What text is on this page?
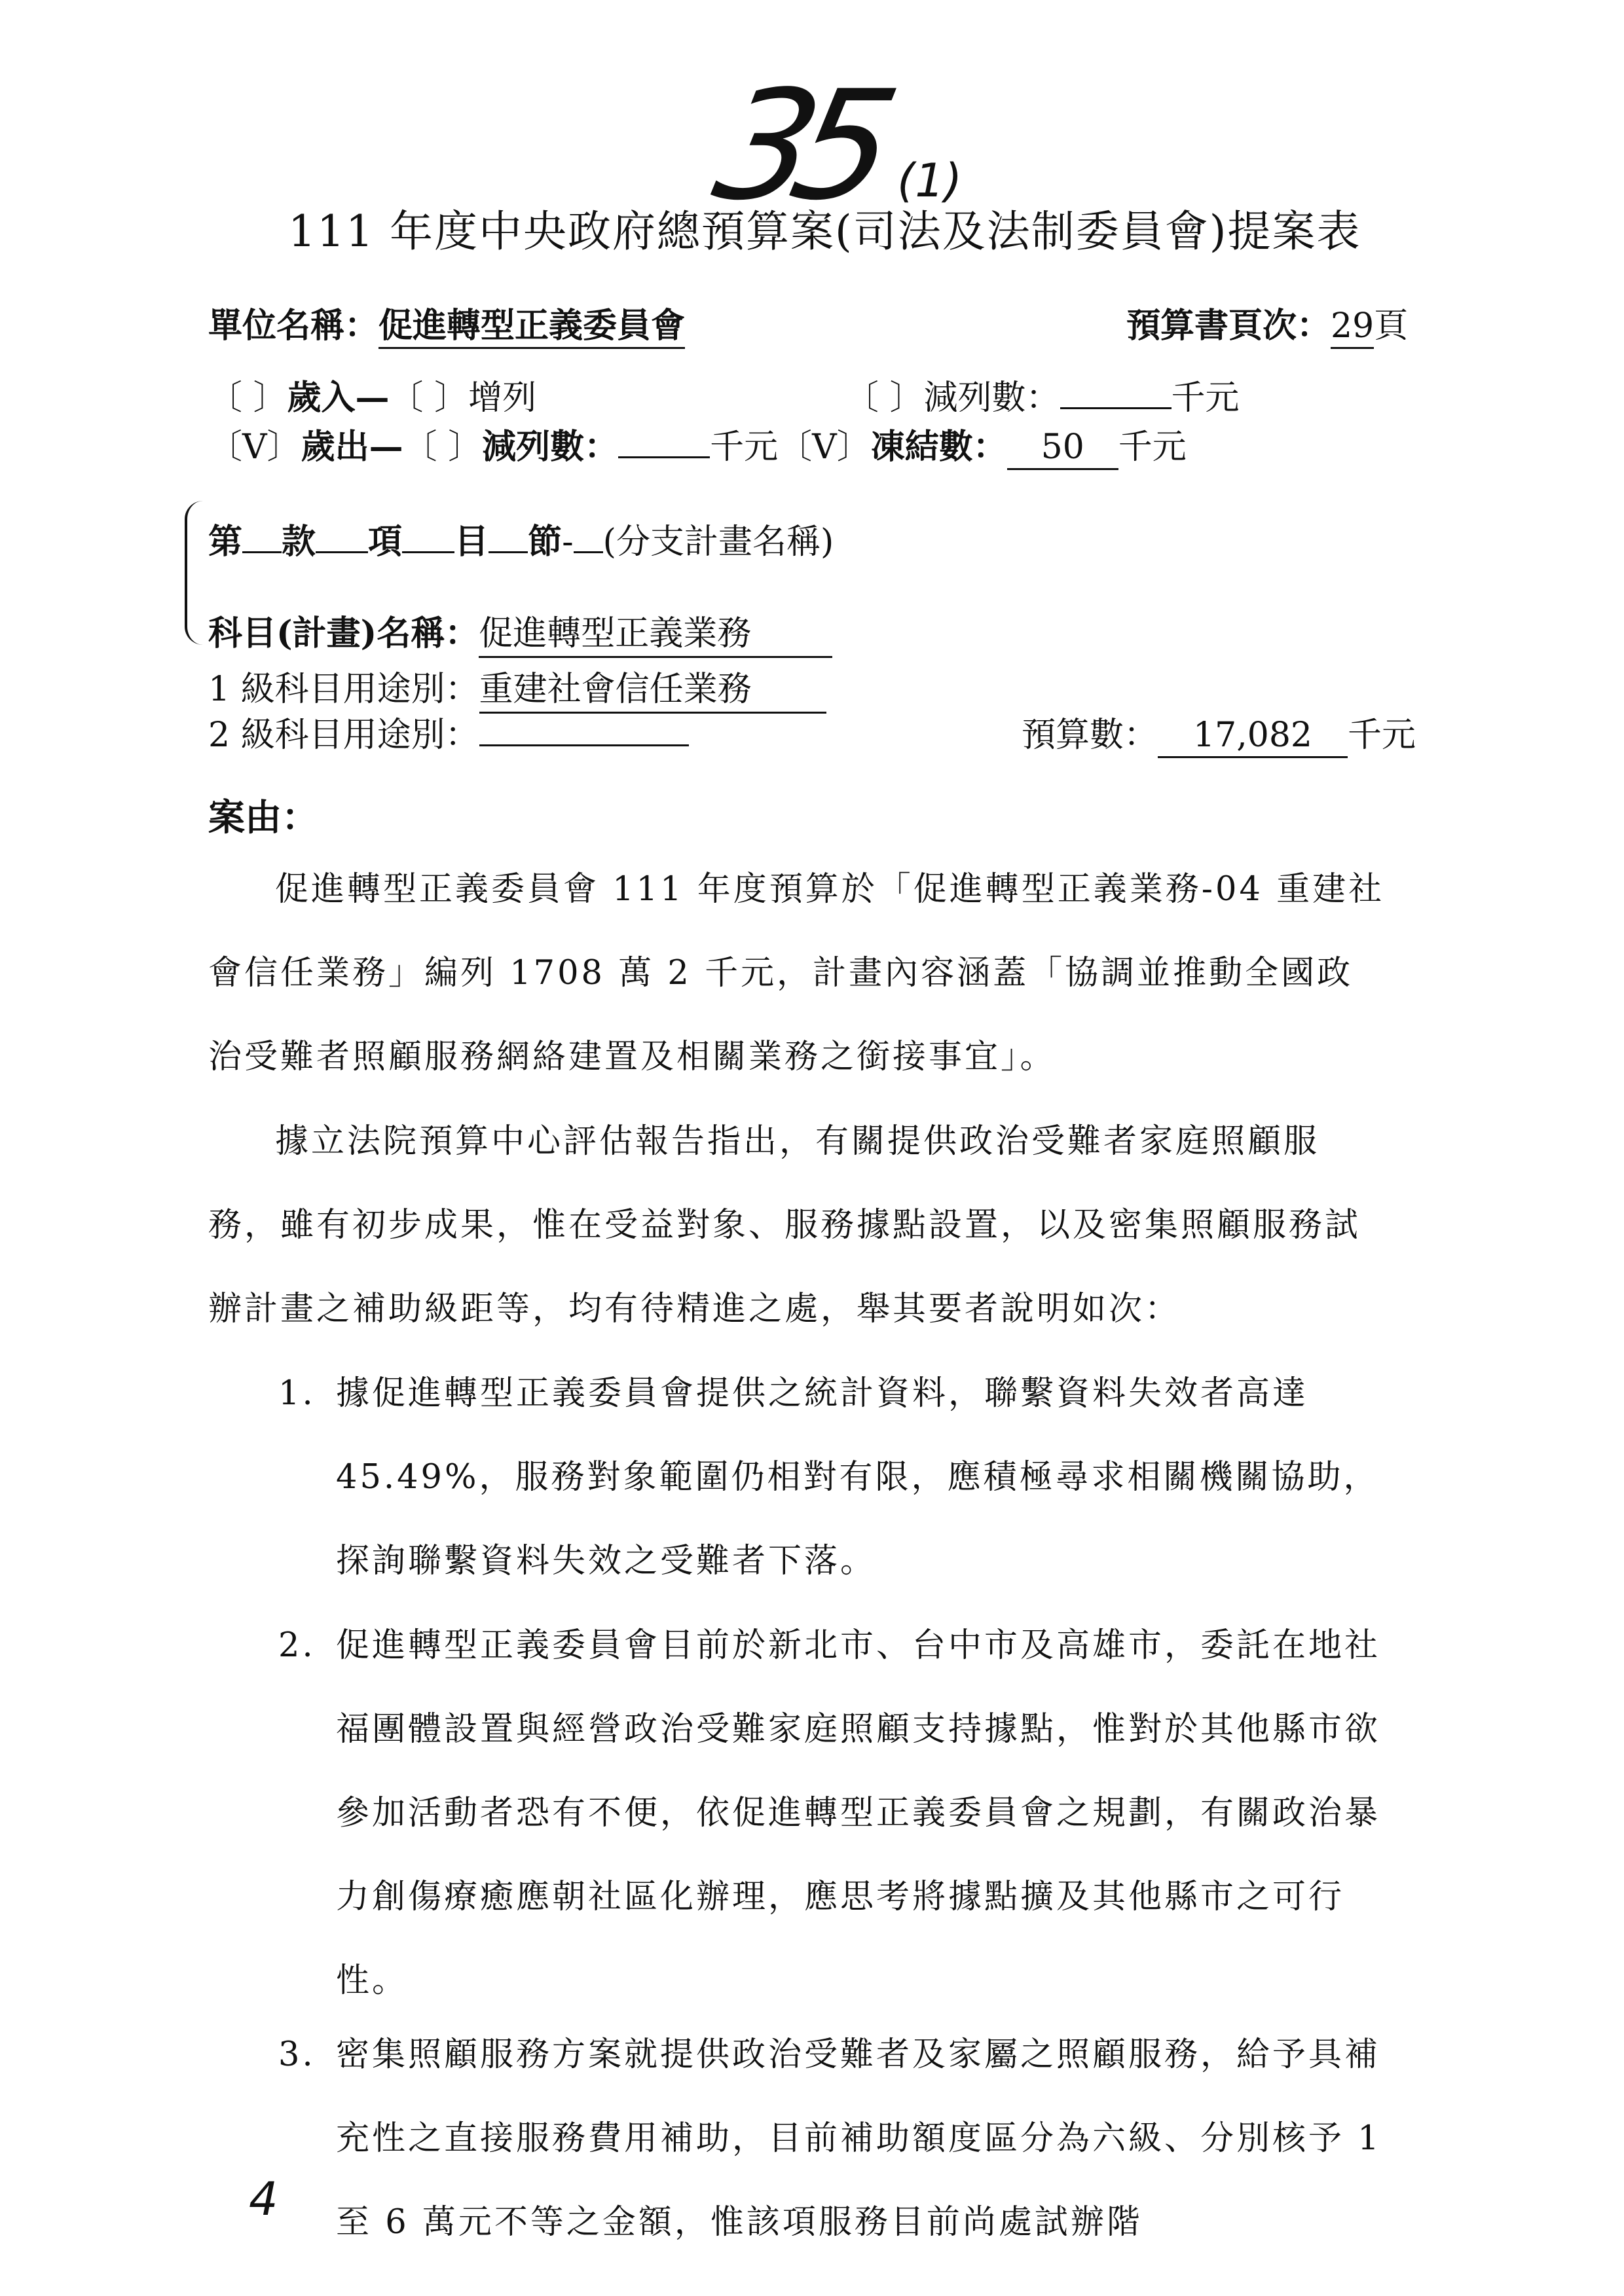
35 (1)
111 年度中央政府總預算案(司法及法制委員會)提案表
單位名稱：促進轉型正義委員會	預算書頁次：29頁
〔 〕歲入—〔 〕增列	〔 〕減列數：	千元
〔V〕歲出—〔 〕減列數：	千元〔V〕凍結數： 50 千元
第 款 項 目 節- (分支計畫名稱)
科目(計畫)名稱：促進轉型正義業務
1 級科目用途別：重建社會信任業務
2 級科目用途別：	預算數： 17,082 千元
案由：
促進轉型正義委員會 111 年度預算於「促進轉型正義業務-04 重建社會信任業務」編列 1708 萬 2 千元，計畫內容涵蓋「協調並推動全國政治受難者照顧服務網絡建置及相關業務之銜接事宜」。
據立法院預算中心評估報告指出，有關提供政治受難者家庭照顧服務，雖有初步成果，惟在受益對象、服務據點設置，以及密集照顧服務試辦計畫之補助級距等，均有待精進之處，舉其要者說明如次：
1. 據促進轉型正義委員會提供之統計資料，聯繫資料失效者高達45.49%，服務對象範圍仍相對有限，應積極尋求相關機關協助，探詢聯繫資料失效之受難者下落。
2. 促進轉型正義委員會目前於新北市、台中市及高雄市，委託在地社福團體設置與經營政治受難家庭照顧支持據點，惟對於其他縣市欲參加活動者恐有不便，依促進轉型正義委員會之規劃，有關政治暴力創傷療癒應朝社區化辦理，應思考將據點擴及其他縣市之可行性。
3. 密集照顧服務方案就提供政治受難者及家屬之照顧服務，給予具補充性之直接服務費用補助，目前補助額度區分為六級、分別核予 1 至 6 萬元不等之金額，惟該項服務目前尚處試辦階
4
